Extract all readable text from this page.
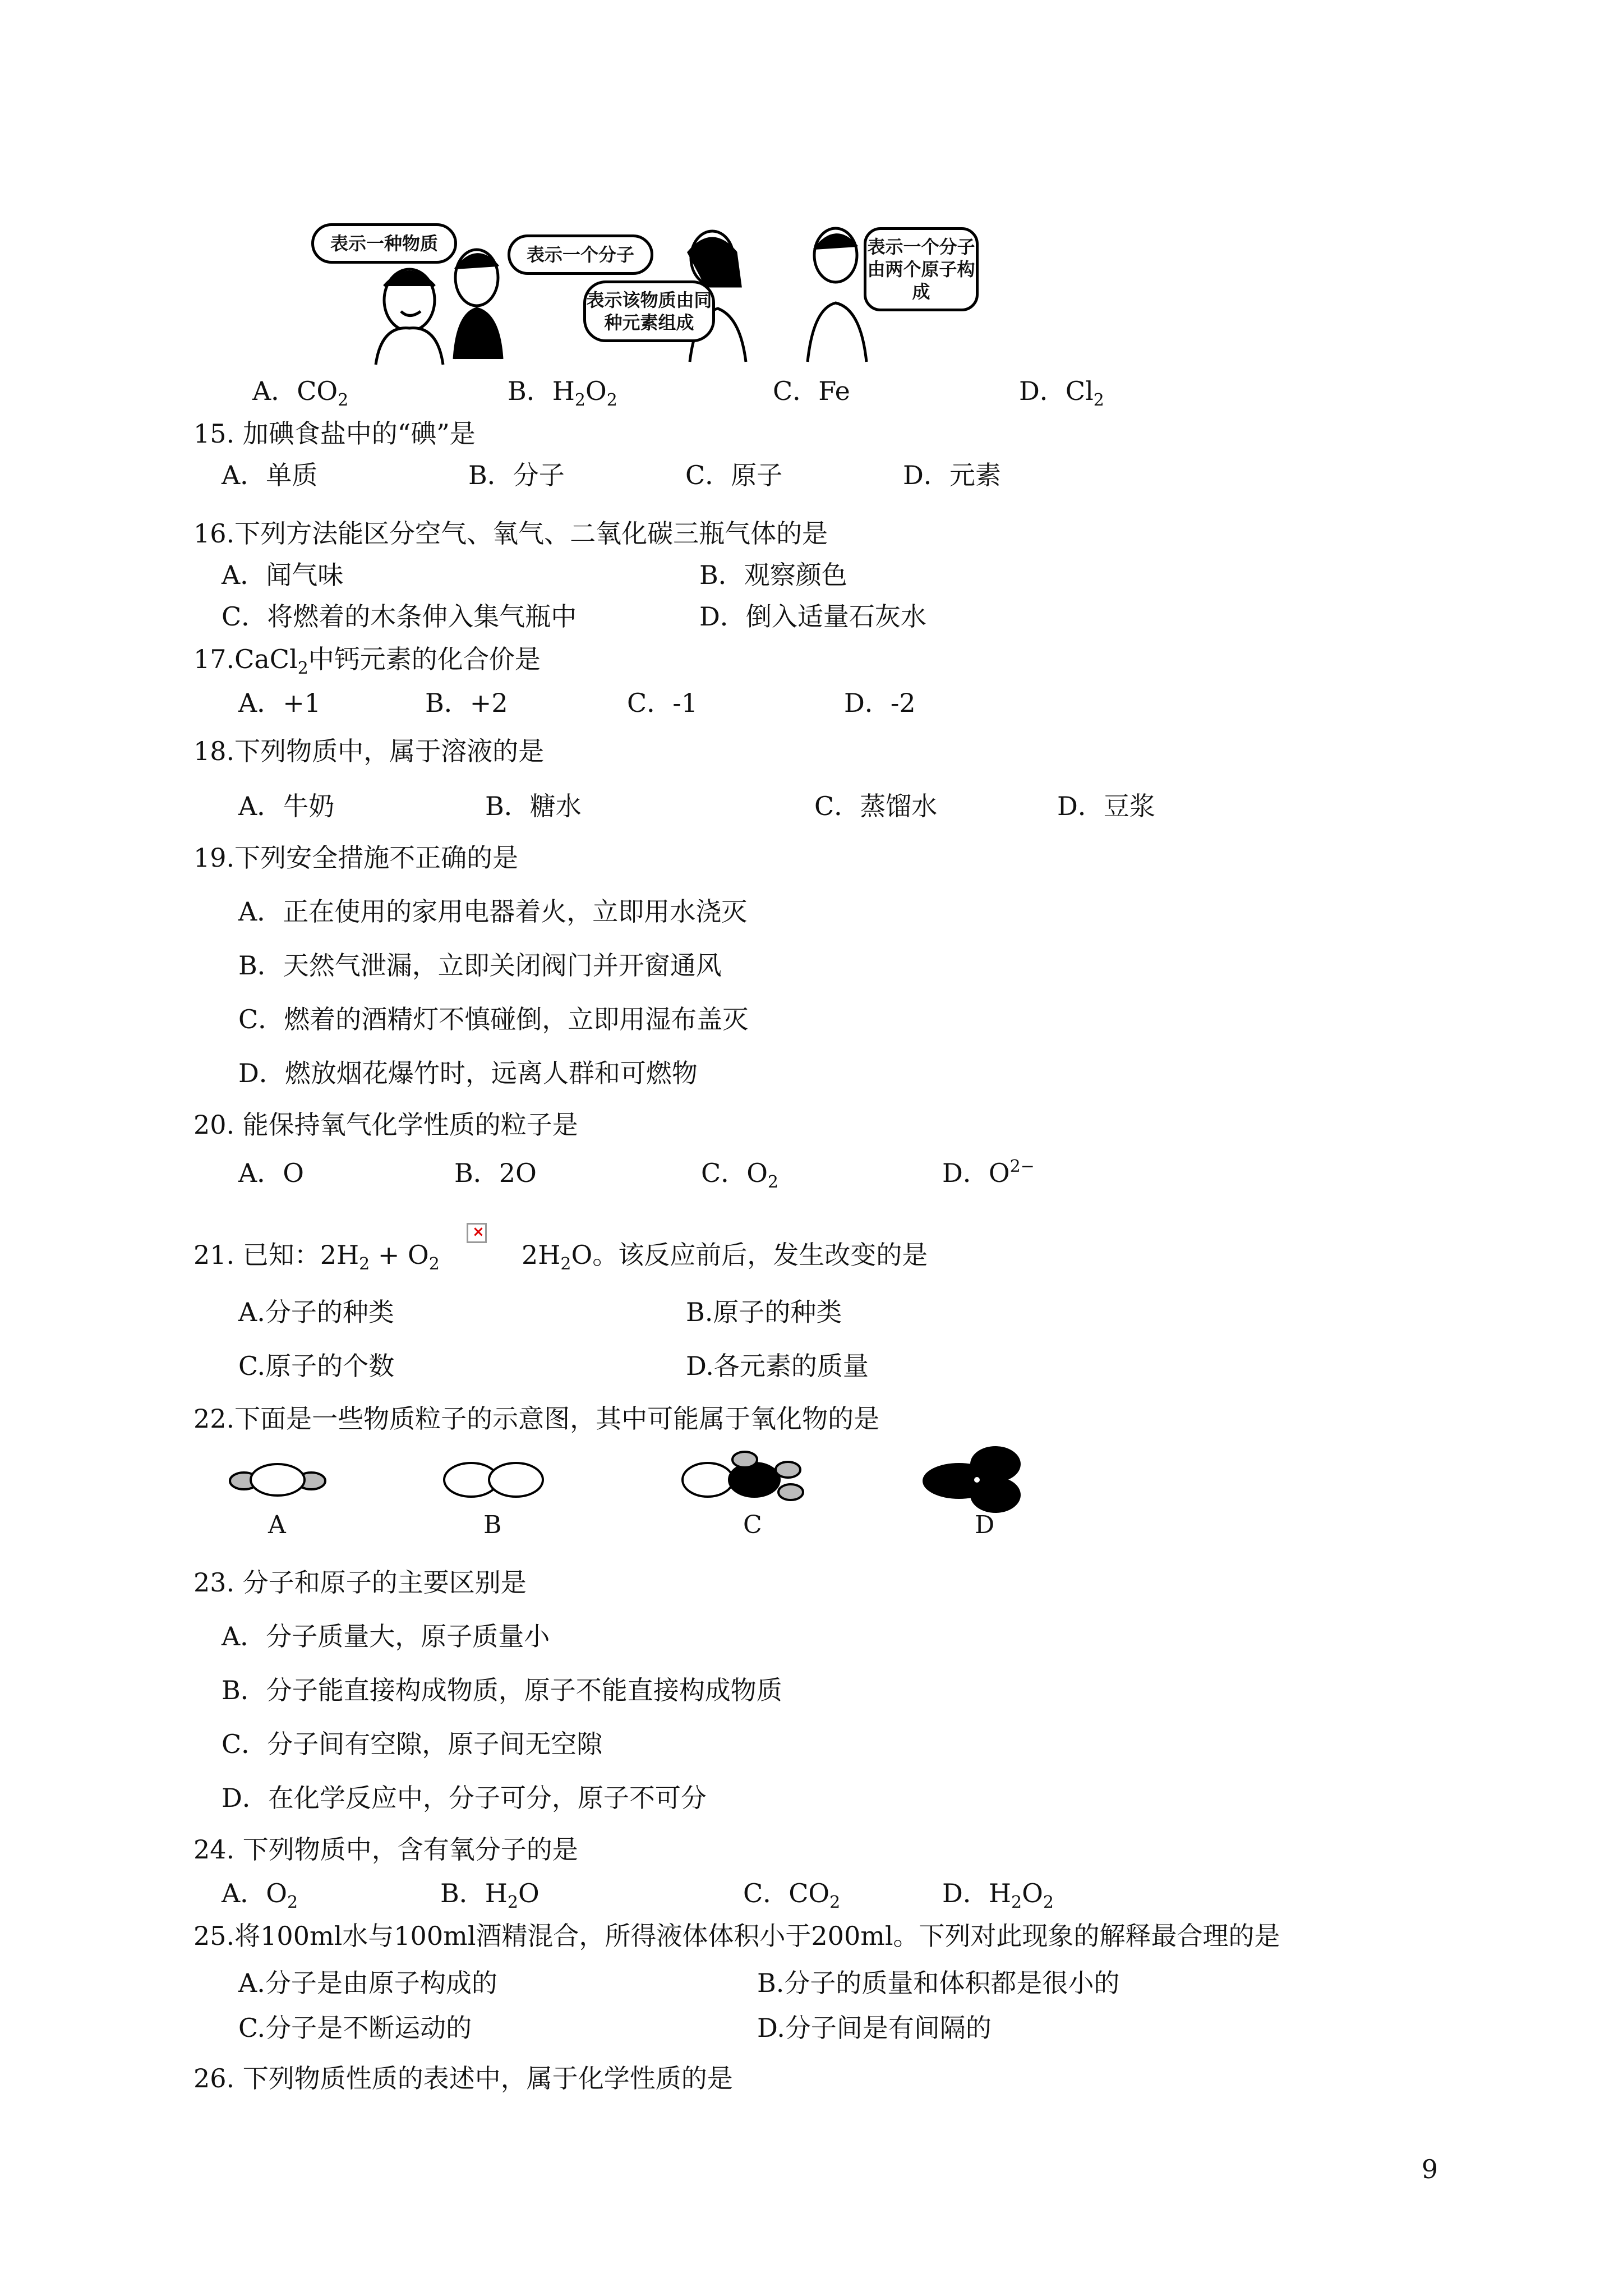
表示一种物质
表示一个分子
表示该物质由同种元素组成
表示一个分子由两个原子构成
A．$CO_2$	B．$H_2O_2$	C．Fe	D．$Cl_2$
15. 加碘食盐中的“碘”是
A．单质	B．分子	C．原子	D．元素
16.下列方法能区分空气、氧气、二氧化碳三瓶气体的是
A．闻气味	B．观察颜色
C．将燃着的木条伸入集气瓶中	D．倒入适量石灰水
17.CaCl$_2$中钙元素的化合价是
A．+1	B．+2	C．-1	D．-2
18.下列物质中，属于溶液的是
A．牛奶	B．糖水	C．蒸馏水	D．豆浆
19.下列安全措施不正确的是
A．正在使用的家用电器着火，立即用水浇灭
B．天然气泄漏，立即关闭阀门并开窗通风
C．燃着的酒精灯不慎碰倒，立即用湿布盖灭
D．燃放烟花爆竹时，远离人群和可燃物
20. 能保持氧气化学性质的粒子是
A．O	B．2O	C．$O_2$	D．$O^{2-}$
21. 已知：$2H_2 + O_2$
×
$2H_2O$。该反应前后，发生改变的是
A.分子的种类	B.原子的种类
C.原子的个数	D.各元素的质量
22.下面是一些物质粒子的示意图，其中可能属于氧化物的是
A	B	C	D
23. 分子和原子的主要区别是
A．分子质量大，原子质量小
B．分子能直接构成物质，原子不能直接构成物质
C．分子间有空隙，原子间无空隙
D．在化学反应中，分子可分，原子不可分
24. 下列物质中，含有氧分子的是
A．$O_2$	B．$H_2O$	C．$CO_2$	D．$H_2O_2$
25.将100ml水与100ml酒精混合，所得液体体积小于200ml。下列对此现象的解释最合理的是
A.分子是由原子构成的	B.分子的质量和体积都是很小的
C.分子是不断运动的	D.分子间是有间隔的
26. 下列物质性质的表述中，属于化学性质的是
9
